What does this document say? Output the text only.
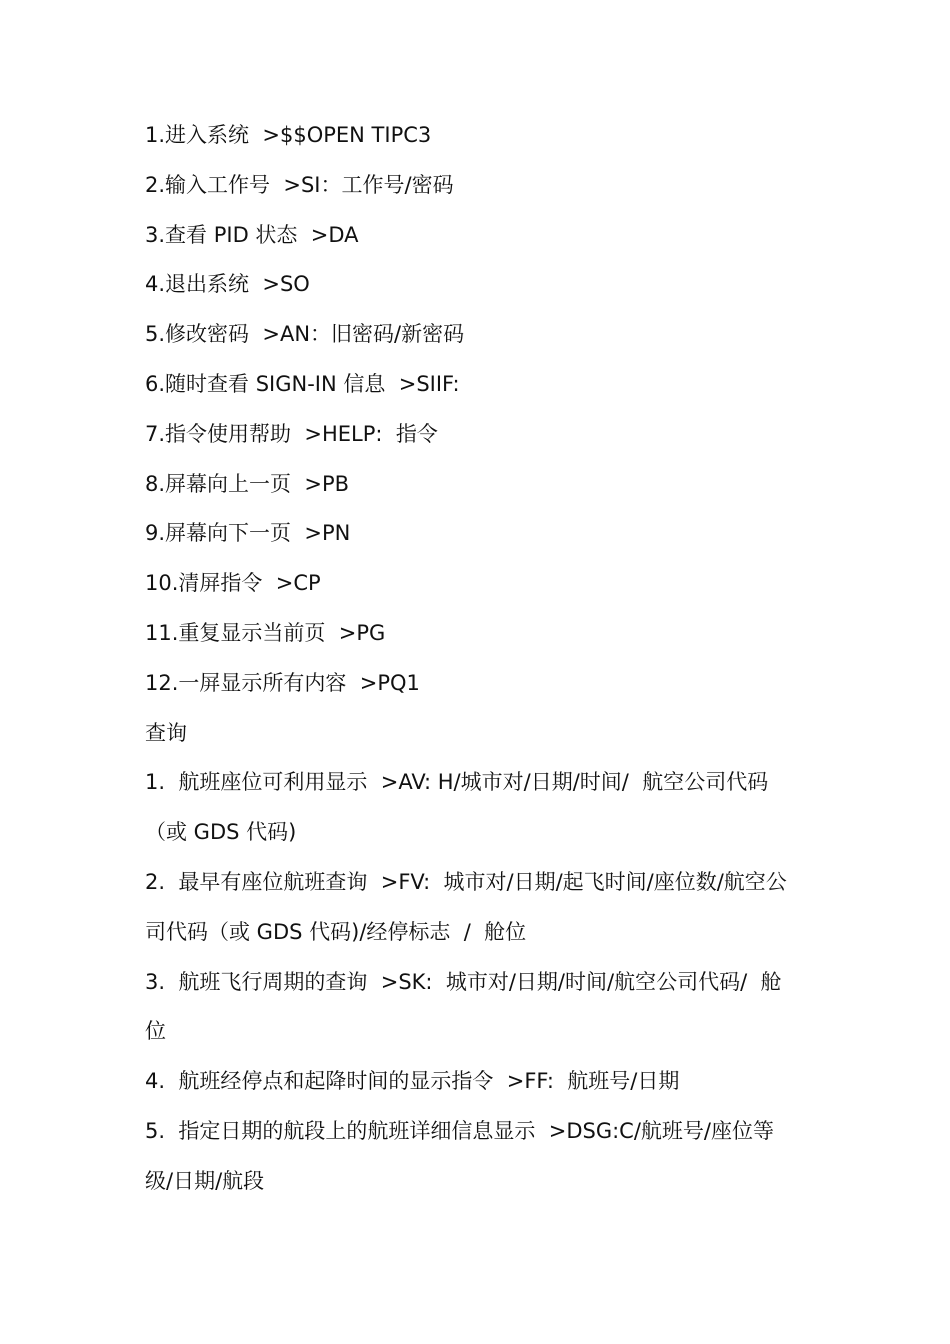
1.进入系统  >$$OPEN TIPC3
2.输入工作号  >SI：工作号/密码
3.查看 PID 状态  >DA
4.退出系统  >SO
5.修改密码  >AN：旧密码/新密码
6.随时查看 SIGN-IN 信息  >SIIF:
7.指令使用帮助  >HELP:  指令
8.屏幕向上一页  >PB
9.屏幕向下一页  >PN
10.清屏指令  >CP
11.重复显示当前页  >PG
12.一屏显示所有内容  >PQ1
查询
1.  航班座位可利用显示  >AV: H/城市对/日期/时间/  航空公司代码
（或 GDS 代码)
2.  最早有座位航班查询  >FV:  城市对/日期/起飞时间/座位数/航空公
司代码（或 GDS 代码)/经停标志  /  舱位
3.  航班飞行周期的查询  >SK:  城市对/日期/时间/航空公司代码/  舱
位
4.  航班经停点和起降时间的显示指令  >FF:  航班号/日期
5.  指定日期的航段上的航班详细信息显示  >DSG:C/航班号/座位等
级/日期/航段
